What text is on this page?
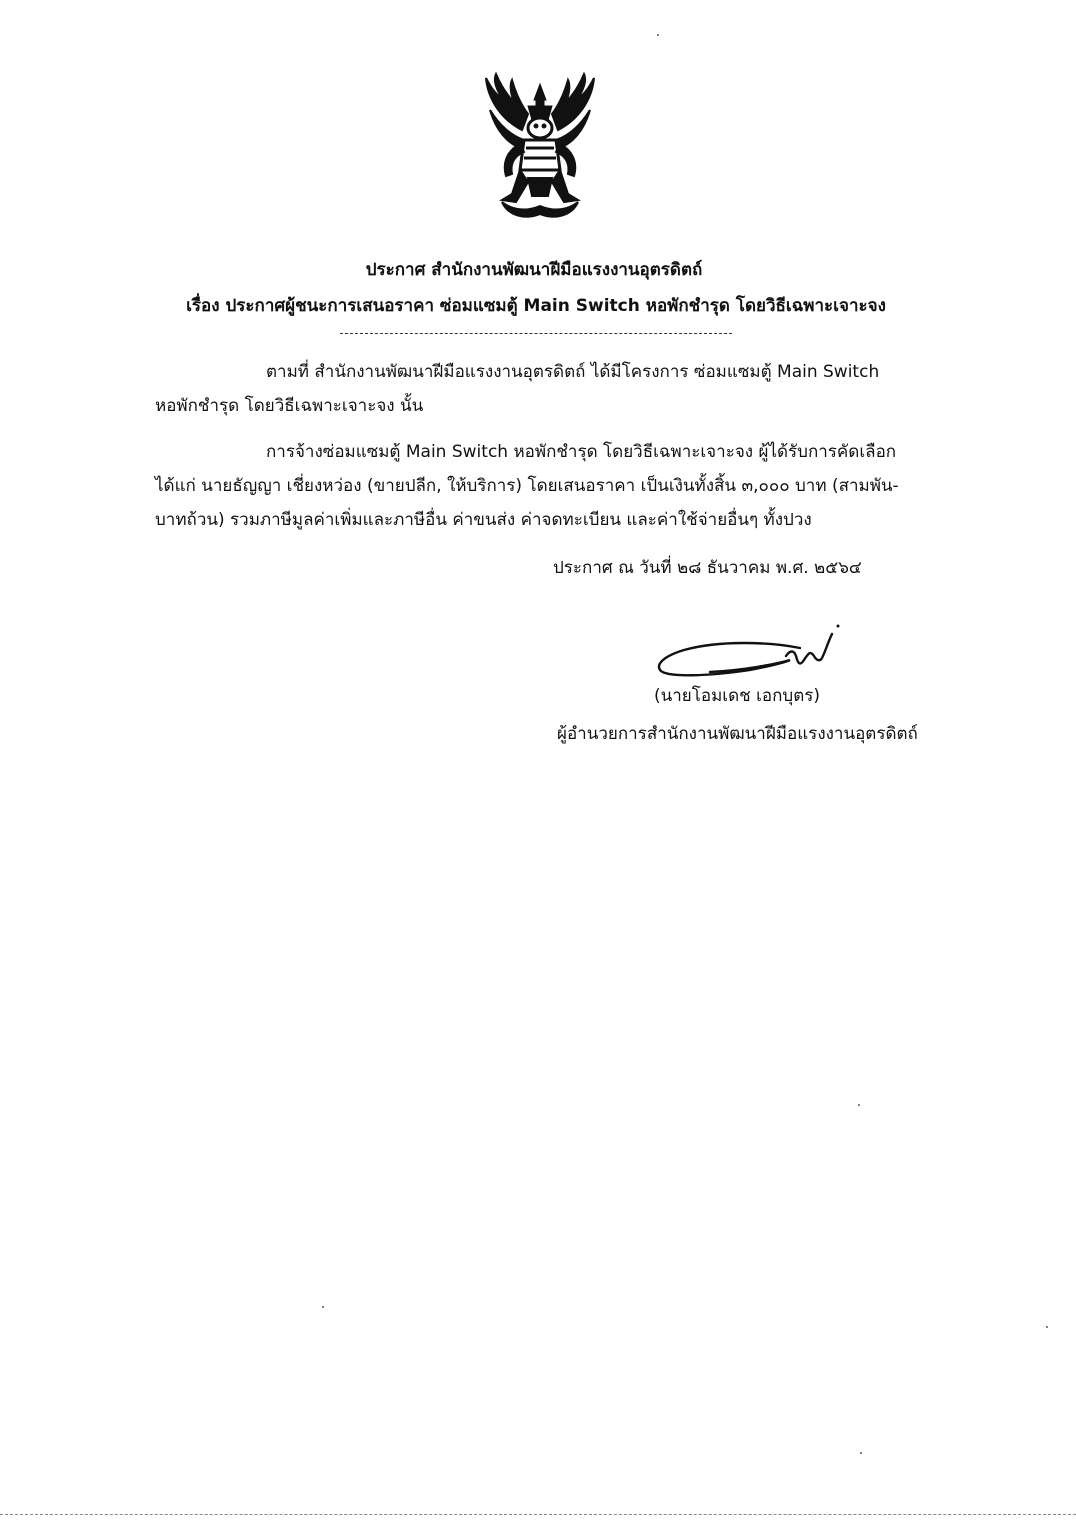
ประกาศ สำนักงานพัฒนาฝีมือแรงงานอุตรดิตถ์
เรื่อง ประกาศผู้ชนะการเสนอราคา ซ่อมแซมตู้ Main Switch หอพักชำรุด โดยวิธีเฉพาะเจาะจง
ตามที่ สำนักงานพัฒนาฝีมือแรงงานอุตรดิตถ์ ได้มีโครงการ ซ่อมแซมตู้ Main Switch
หอพักชำรุด โดยวิธีเฉพาะเจาะจง นั้น
การจ้างซ่อมแซมตู้ Main Switch หอพักชำรุด โดยวิธีเฉพาะเจาะจง ผู้ได้รับการคัดเลือก
ได้แก่ นายธัญญา เชี่ยงหว่อง (ขายปลีก, ให้บริการ) โดยเสนอราคา เป็นเงินทั้งสิ้น ๓,๐๐๐ บาท (สามพัน-
บาทถ้วน) รวมภาษีมูลค่าเพิ่มและภาษีอื่น ค่าขนส่ง ค่าจดทะเบียน และค่าใช้จ่ายอื่นๆ ทั้งปวง
ประกาศ ณ วันที่ ๒๘ ธันวาคม พ.ศ. ๒๕๖๔
(นายโอมเดช เอกบุตร)
ผู้อำนวยการสำนักงานพัฒนาฝีมือแรงงานอุตรดิตถ์
